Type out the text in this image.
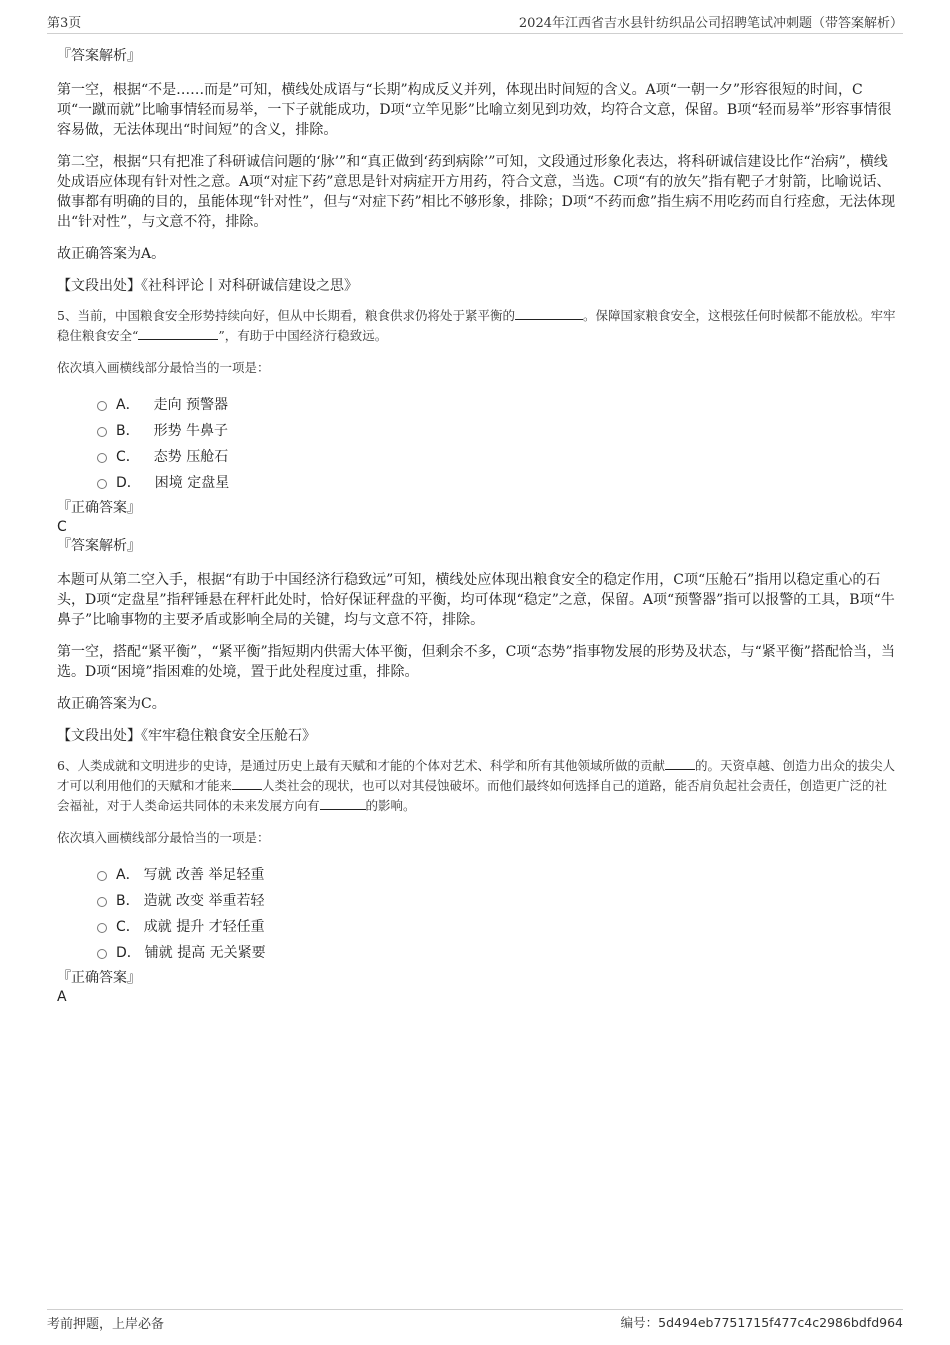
第3页	2024年江西省吉水县针纺织品公司招聘笔试冲刺题（带答案解析）

『答案解析』

第一空，根据“不是……而是”可知，横线处成语与“长期”构成反义并列，体现出时间短的含义。A项“一朝一夕”形容很短的时间，C项“一蹴而就”比喻事情轻而易举，一下子就能成功，D项“立竿见影”比喻立刻见到功效，均符合文意，保留。B项“轻而易举”形容事情很容易做，无法体现出“时间短”的含义，排除。

第二空，根据“只有把准了科研诚信问题的‘脉’”和“真正做到‘药到病除’”可知，文段通过形象化表达，将科研诚信建设比作“治病”，横线处成语应体现有针对性之意。A项“对症下药”意思是针对病症开方用药，符合文意，当选。C项“有的放矢”指有靶子才射箭，比喻说话、做事都有明确的目的，虽能体现“针对性”，但与“对症下药”相比不够形象，排除；D项“不药而愈”指生病不用吃药而自行痊愈，无法体现出“针对性”，与文意不符，排除。

故正确答案为A。

【文段出处】《社科评论丨对科研诚信建设之思》

5、当前，中国粮食安全形势持续向好，但从中长期看，粮食供求仍将处于紧平衡的	。保障国家粮食安全，这根弦任何时候都不能放松。牢牢稳住粮食安全“	”，有助于中国经济行稳致远。

依次填入画横线部分最恰当的一项是：

A． 走向 预警器
B． 形势 牛鼻子
C． 态势 压舱石
D． 困境 定盘星

『正确答案』

C

『答案解析』

本题可从第二空入手，根据“有助于中国经济行稳致远”可知，横线处应体现出粮食安全的稳定作用，C项“压舱石”指用以稳定重心的石头，D项“定盘星”指秤锤悬在秤杆此处时，恰好保证秤盘的平衡，均可体现“稳定”之意，保留。A项“预警器”指可以报警的工具，B项“牛鼻子”比喻事物的主要矛盾或影响全局的关键，均与文意不符，排除。

第一空，搭配“紧平衡”，“紧平衡”指短期内供需大体平衡，但剩余不多，C项“态势”指事物发展的形势及状态，与“紧平衡”搭配恰当，当选。D项“困境”指困难的处境，置于此处程度过重，排除。

故正确答案为C。

【文段出处】《牢牢稳住粮食安全压舱石》

6、人类成就和文明进步的史诗，是通过历史上最有天赋和才能的个体对艺术、科学和所有其他领域所做的贡献 的。天资卓越、创造力出众的拔尖人才可以利用他们的天赋和才能来 人类社会的现状，也可以对其侵蚀破坏。而他们最终如何选择自己的道路，能否肩负起社会责任，创造更广泛的社会福祉，对于人类命运共同体的未来发展方向有	的影响。

依次填入画横线部分最恰当的一项是：

A． 写就 改善 举足轻重
B． 造就 改变 举重若轻
C． 成就 提升 才轻任重
D． 铺就 提高 无关紧要

『正确答案』

A

考前押题，上岸必备	编号：5d494eb7751715f477c4c2986bdfd964
